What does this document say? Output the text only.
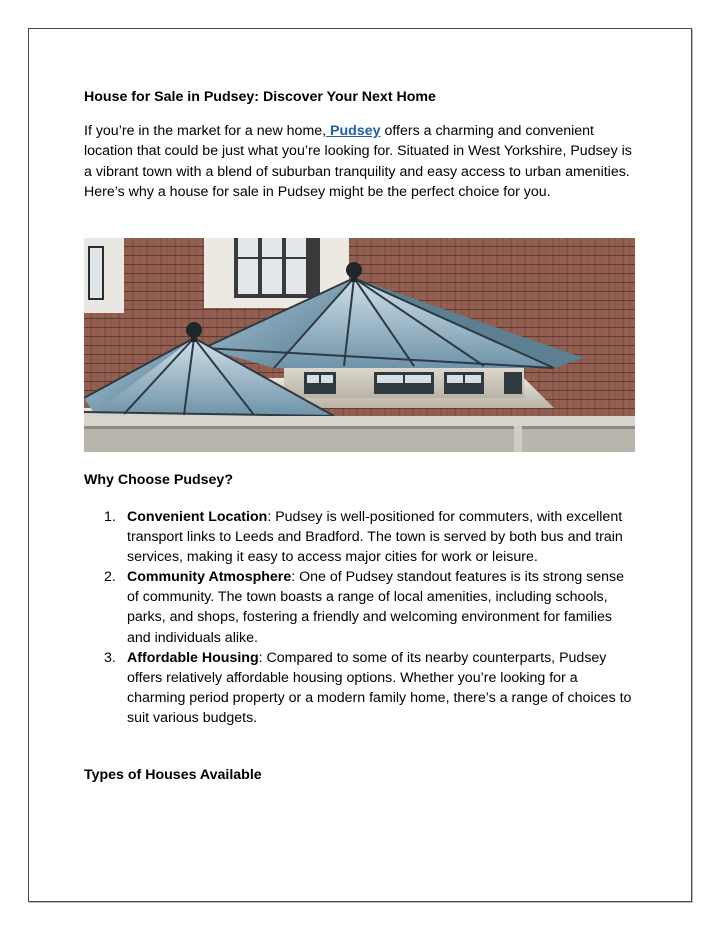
House for Sale in Pudsey: Discover Your Next Home
If you’re in the market for a new home, Pudsey offers a charming and convenient location that could be just what you’re looking for. Situated in West Yorkshire, Pudsey is a vibrant town with a blend of suburban tranquility and easy access to urban amenities. Here’s why a house for sale in Pudsey might be the perfect choice for you.
Why Choose Pudsey?
1. Convenient Location: Pudsey is well-positioned for commuters, with excellent transport links to Leeds and Bradford. The town is served by both bus and train services, making it easy to access major cities for work or leisure.
2. Community Atmosphere: One of Pudsey standout features is its strong sense of community. The town boasts a range of local amenities, including schools, parks, and shops, fostering a friendly and welcoming environment for families and individuals alike.
3. Affordable Housing: Compared to some of its nearby counterparts, Pudsey offers relatively affordable housing options. Whether you’re looking for a charming period property or a modern family home, there’s a range of choices to suit various budgets.
Types of Houses Available
